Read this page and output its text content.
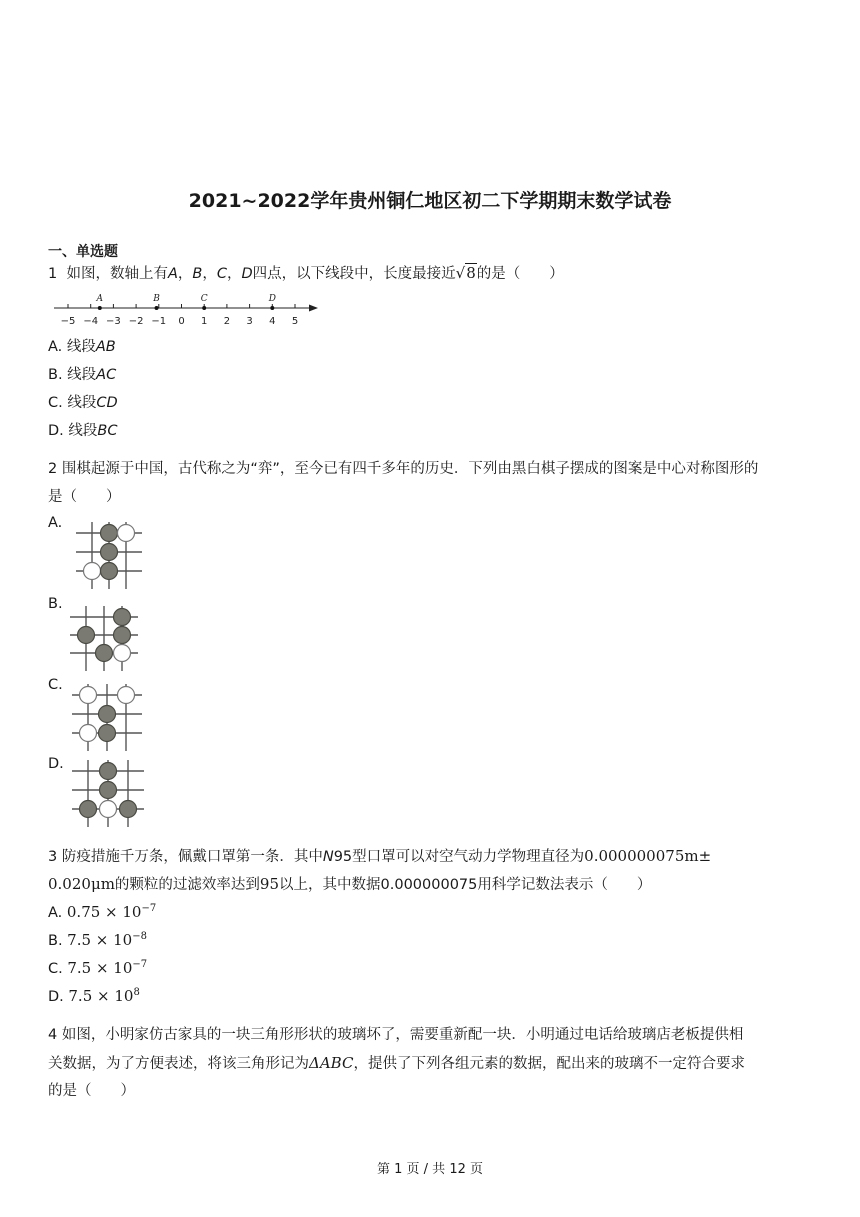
2021~2022学年贵州铜仁地区初二下学期期末数学试卷
一、单选题
1 如图，数轴上有A，B，C，D四点，以下线段中，长度最接近√8的是（　　）
−5 −4 −3 −2 −1 0 1 2 3 4 5
A	B	C	D
A. 线段AB
B. 线段AC
C. 线段CD
D. 线段BC
2 围棋起源于中国，古代称之为“弈”，至今已有四千多年的历史．下列由黑白棋子摆成的图案是中心对称图形的
是（　　）
A.
B.
C.
D.
3 防疫措施千万条，佩戴口罩第一条．其中N95型口罩可以对空气动力学物理直径为0.000000075m±
0.020μm的颗粒的过滤效率达到95以上，其中数据0.000000075用科学记数法表示（　　）
A. $0.75 \times 10^{-7}$
B. $7.5 \times 10^{-8}$
C. $7.5 \times 10^{-7}$
D. $7.5 \times 10^8$
4 如图，小明家仿古家具的一块三角形形状的玻璃坏了，需要重新配一块．小明通过电话给玻璃店老板提供相
关数据，为了方便表述，将该三角形记为ΔABC，提供了下列各组元素的数据，配出来的玻璃不一定符合要求
的是（　　）
第 1 页 / 共 12 页
